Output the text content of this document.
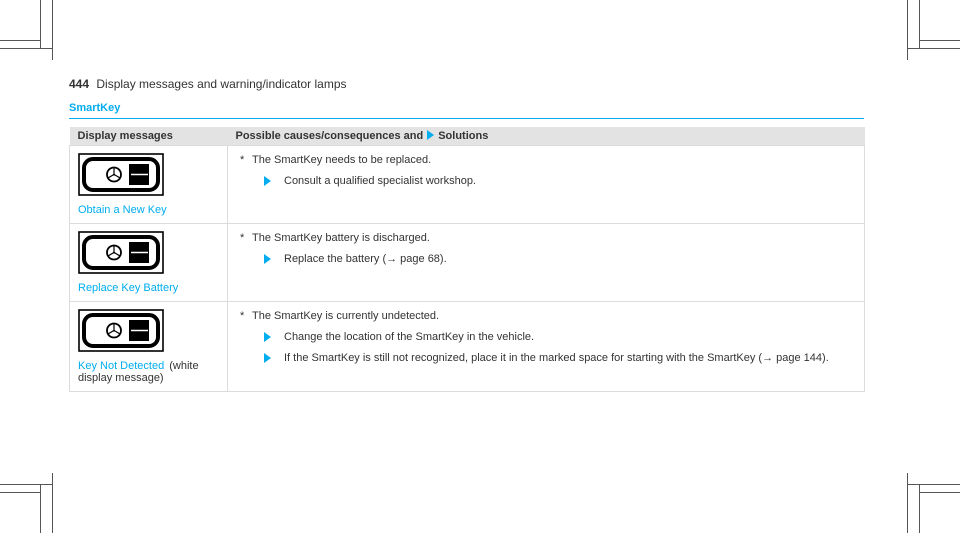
444 Display messages and warning/indicator lamps
SmartKey
Display messages	Possible causes/consequences and Solutions

Obtain a New Key	* The SmartKey needs to be replaced.
Consult a qualified specialist workshop.

Replace Key Battery	* The SmartKey battery is discharged.
Replace the battery (→ page 68).

Key Not Detected (white display message)	* The SmartKey is currently undetected.
Change the location of the SmartKey in the vehicle.
If the SmartKey is still not recognized, place it in the marked space for starting with the SmartKey (→ page 144).
